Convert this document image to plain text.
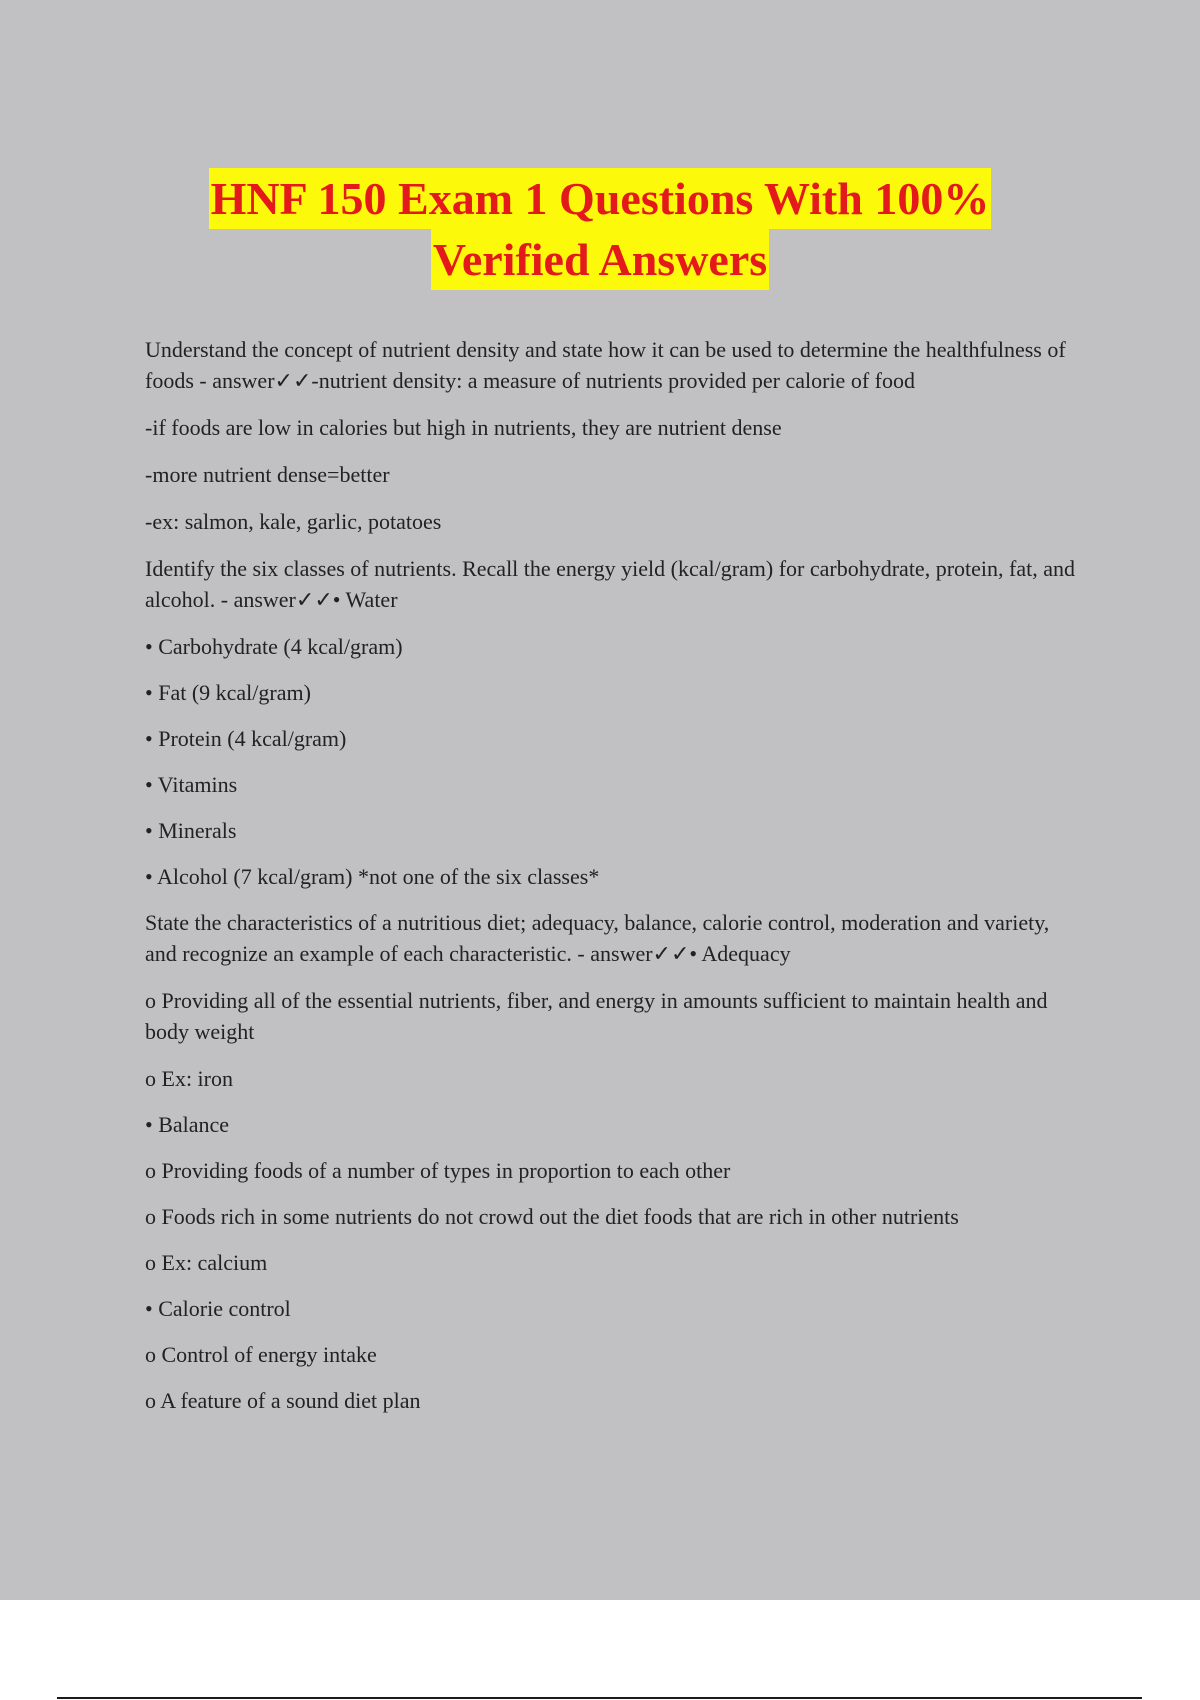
HNF 150 Exam 1 Questions With 100%
Verified Answers

Understand the concept of nutrient density and state how it can be used to determine the healthfulness of foods - answer✓✓-nutrient density: a measure of nutrients provided per calorie of food

-if foods are low in calories but high in nutrients, they are nutrient dense

-more nutrient dense=better

-ex: salmon, kale, garlic, potatoes

Identify the six classes of nutrients. Recall the energy yield (kcal/gram) for carbohydrate, protein, fat, and alcohol. - answer✓✓• Water

• Carbohydrate (4 kcal/gram)

• Fat (9 kcal/gram)

• Protein (4 kcal/gram)

• Vitamins

• Minerals

• Alcohol (7 kcal/gram) *not one of the six classes*

State the characteristics of a nutritious diet; adequacy, balance, calorie control, moderation and variety, and recognize an example of each characteristic. - answer✓✓• Adequacy

o Providing all of the essential nutrients, fiber, and energy in amounts sufficient to maintain health and body weight

o Ex: iron

• Balance

o Providing foods of a number of types in proportion to each other

o Foods rich in some nutrients do not crowd out the diet foods that are rich in other nutrients

o Ex: calcium

• Calorie control

o Control of energy intake

o A feature of a sound diet plan
